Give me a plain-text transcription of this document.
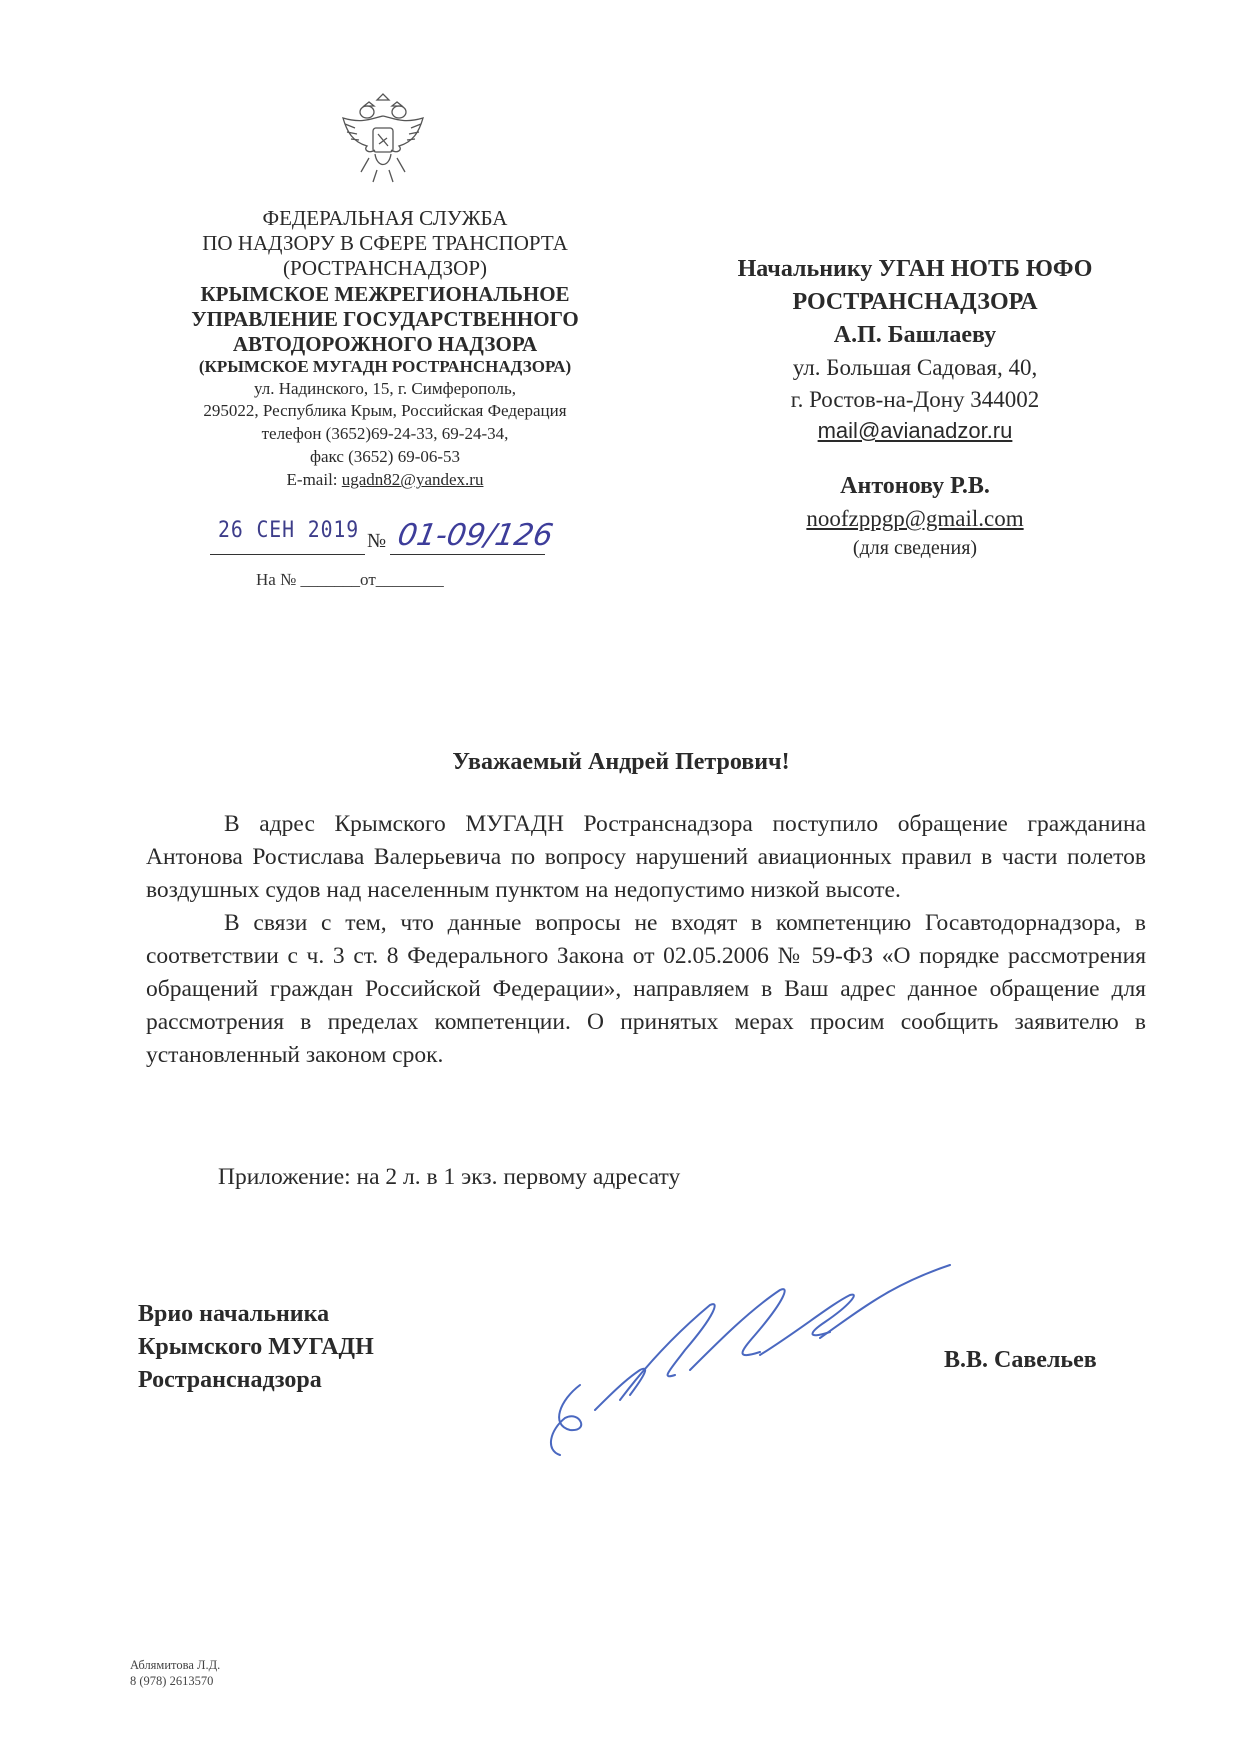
ФЕДЕРАЛЬНАЯ СЛУЖБА
ПО НАДЗОРУ В СФЕРЕ ТРАНСПОРТА
(РОСТРАНСНАДЗОР)
КРЫМСКОЕ МЕЖРЕГИОНАЛЬНОЕ
УПРАВЛЕНИЕ ГОСУДАРСТВЕННОГО
АВТОДОРОЖНОГО НАДЗОРА
(КРЫМСКОЕ МУГАДН РОСТРАНСНАДЗОРА)
ул. Надинского, 15, г. Симферополь,
295022, Республика Крым, Российская Федерация
телефон (3652)69-24-33, 69-24-34,
факс (3652) 69-06-53
E-mail: ugadn82@yandex.ru
26 СЕН 2019 № 01-09/126
На № _______от________
Начальнику УГАН НОТБ ЮФО
РОСТРАНСНАДЗОРА
А.П. Башлаеву
ул. Большая Садовая, 40,
г. Ростов-на-Дону 344002
mail@avianadzor.ru
Антонову Р.В.
noofzppgp@gmail.com
(для сведения)
Уважаемый Андрей Петрович!

В адрес Крымского МУГАДН Ространснадзора поступило обращение гражданина Антонова Ростислава Валерьевича по вопросу нарушений авиационных правил в части полетов воздушных судов над населенным пунктом на недопустимо низкой высоте.

В связи с тем, что данные вопросы не входят в компетенцию Госавтодорнадзора, в соответствии с ч. 3 ст. 8 Федерального Закона от 02.05.2006 № 59-ФЗ «О порядке рассмотрения обращений граждан Российской Федерации», направляем в Ваш адрес данное обращение для рассмотрения в пределах компетенции. О принятых мерах просим сообщить заявителю в установленный законом срок.

Приложение: на 2 л. в 1 экз. первому адресату
Врио начальника
Крымского МУГАДН
Ространснадзора
В.В. Савельев
Аблямитова Л.Д.
8 (978) 2613570
